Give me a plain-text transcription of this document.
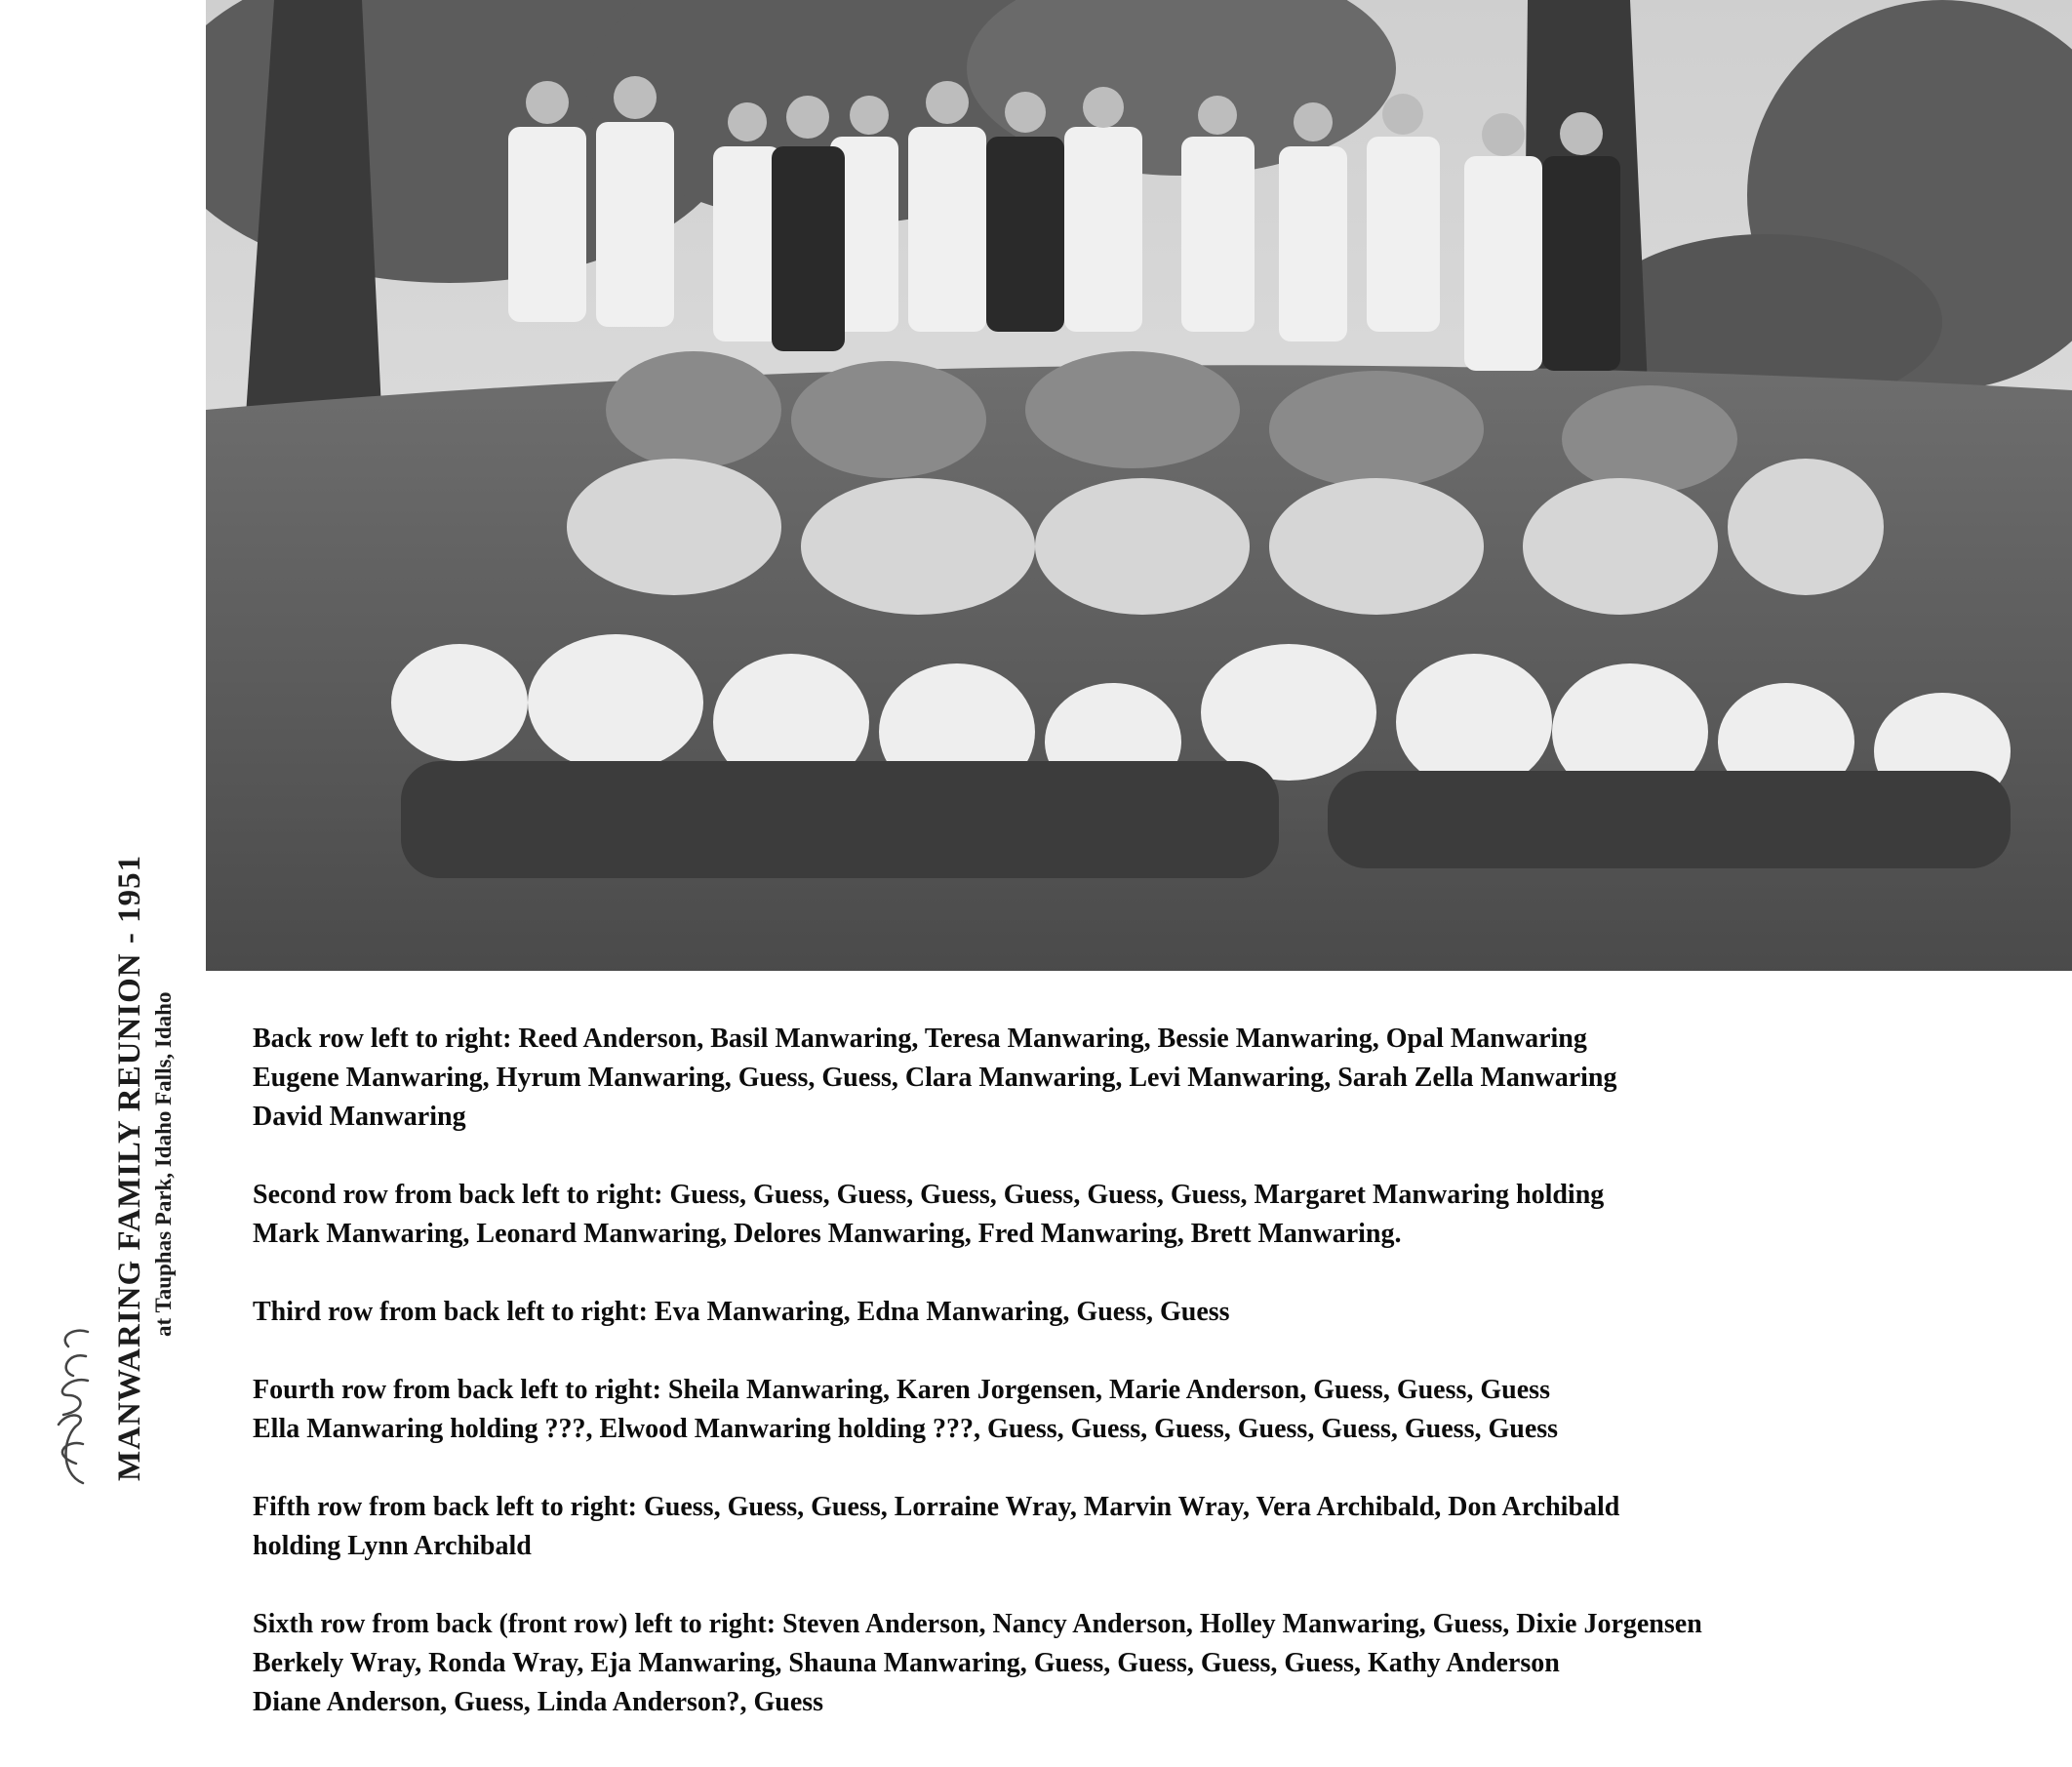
MANWARING FAMILY REUNION - 1951 at Tauphas Park, Idaho Falls, Idaho	Back row left to right: Reed Anderson, Basil Manwaring, Teresa Manwaring, Bessie Manwaring, Opal Manwaring
Eugene Manwaring, Hyrum Manwaring, Guess, Guess, Clara Manwaring, Levi Manwaring, Sarah Zella Manwaring
David Manwaring
Second row from back left to right: Guess, Guess, Guess, Guess, Guess, Guess, Guess, Margaret Manwaring holding
Mark Manwaring, Leonard Manwaring, Delores Manwaring, Fred Manwaring, Brett Manwaring.
Third row from back left to right: Eva Manwaring, Edna Manwaring, Guess, Guess
Fourth row from back left to right: Sheila Manwaring, Karen Jorgensen, Marie Anderson, Guess, Guess, Guess
Ella Manwaring holding ???, Elwood Manwaring holding ???, Guess, Guess, Guess, Guess, Guess, Guess, Guess
Fifth row from back left to right: Guess, Guess, Guess, Lorraine Wray, Marvin Wray, Vera Archibald, Don Archibald
holding Lynn Archibald
Sixth row from back (front row) left to right: Steven Anderson, Nancy Anderson, Holley Manwaring, Guess, Dixie Jorgensen
Berkely Wray, Ronda Wray, Eja Manwaring, Shauna Manwaring, Guess, Guess, Guess, Guess, Kathy Anderson
Diane Anderson, Guess, Linda Anderson?, Guess
